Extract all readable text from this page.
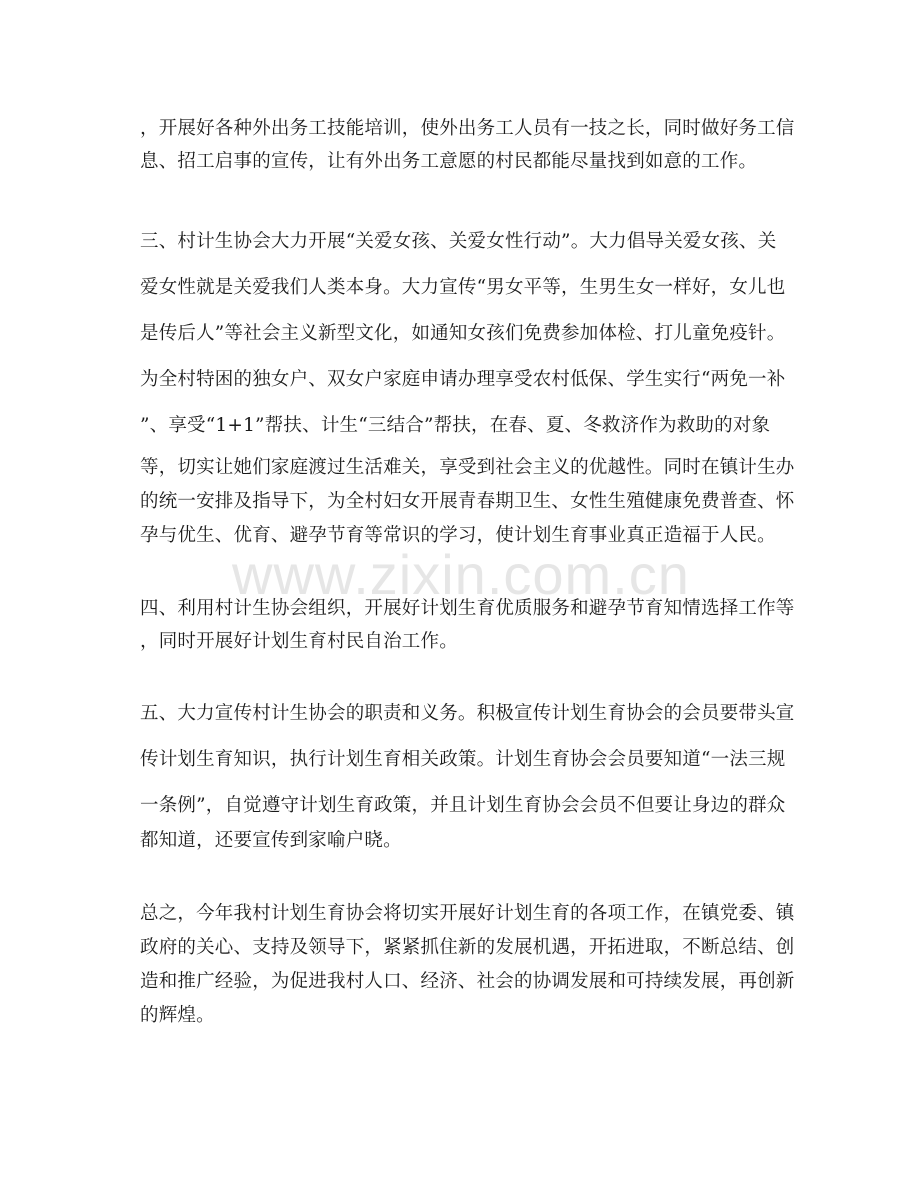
www.zixin.com.cn
，开展好各种外出务工技能培训，使外出务工人员有一技之长，同时做好务工信
息、招工启事的宣传，让有外出务工意愿的村民都能尽量找到如意的工作。
三、村计生协会大力开展“关爱女孩、关爱女性行动”。大力倡导关爱女孩、关
爱女性就是关爱我们人类本身。大力宣传“男女平等，生男生女一样好，女儿也
是传后人”等社会主义新型文化，如通知女孩们免费参加体检、打儿童免疫针。
为全村特困的独女户、双女户家庭申请办理享受农村低保、学生实行“两免一补
”、享受“1+1”帮扶、计生“三结合”帮扶，在春、夏、冬救济作为救助的对象
等，切实让她们家庭渡过生活难关，享受到社会主义的优越性。同时在镇计生办
的统一安排及指导下，为全村妇女开展青春期卫生、女性生殖健康免费普查、怀
孕与优生、优育、避孕节育等常识的学习，使计划生育事业真正造福于人民。
四、利用村计生协会组织，开展好计划生育优质服务和避孕节育知情选择工作等
，同时开展好计划生育村民自治工作。
五、大力宣传村计生协会的职责和义务。积极宣传计划生育协会的会员要带头宣
传计划生育知识，执行计划生育相关政策。计划生育协会会员要知道“一法三规
一条例”，自觉遵守计划生育政策，并且计划生育协会会员不但要让身边的群众
都知道，还要宣传到家喻户晓。
总之，今年我村计划生育协会将切实开展好计划生育的各项工作，在镇党委、镇
政府的关心、支持及领导下，紧紧抓住新的发展机遇，开拓进取，不断总结、创
造和推广经验，为促进我村人口、经济、社会的协调发展和可持续发展，再创新
的辉煌。
